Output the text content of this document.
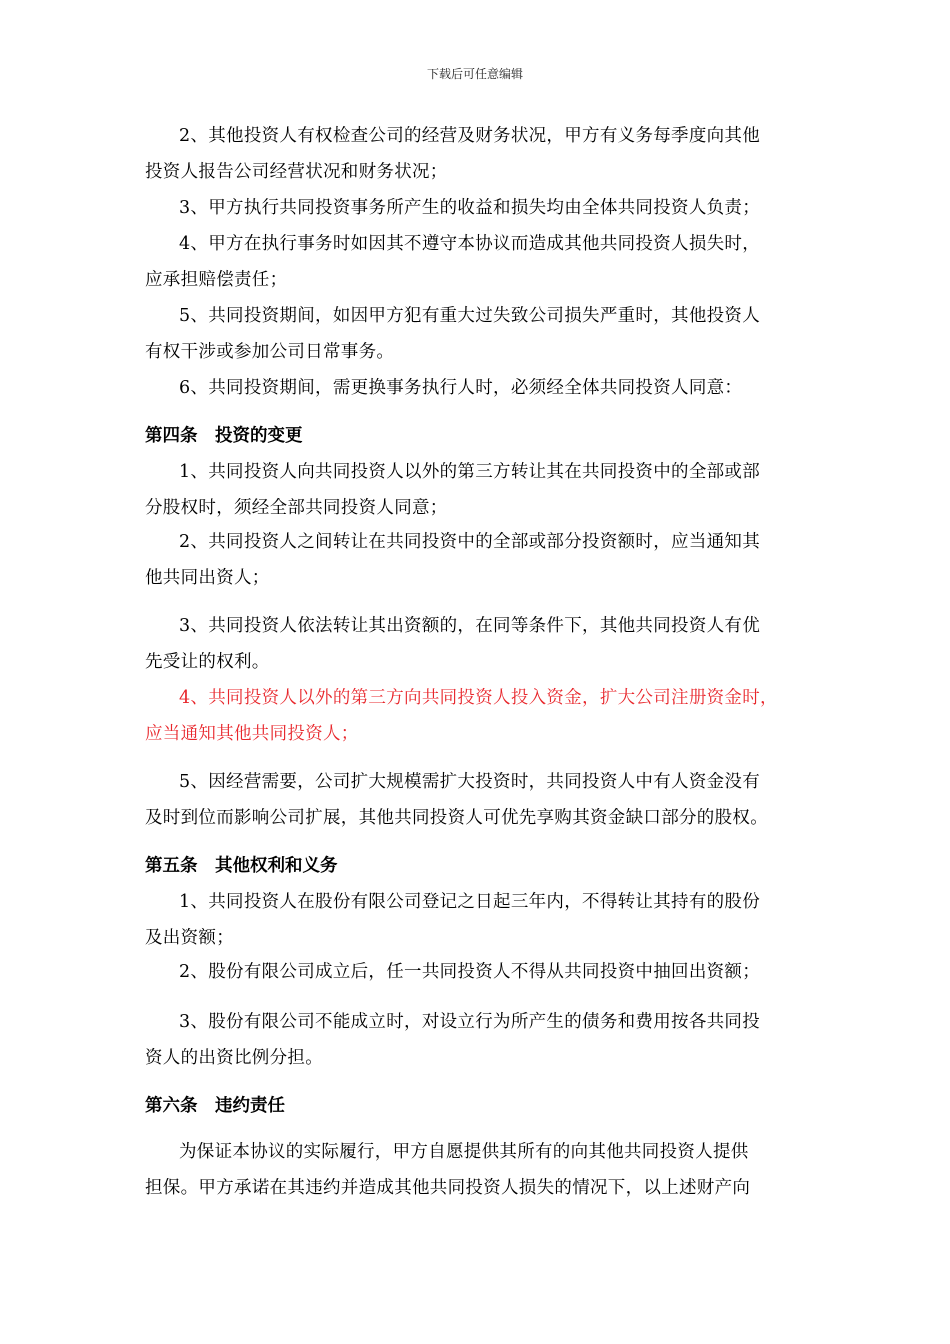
下载后可任意编辑
2、其他投资人有权检查公司的经营及财务状况，甲方有义务每季度向其他
投资人报告公司经营状况和财务状况；
3、甲方执行共同投资事务所产生的收益和损失均由全体共同投资人负责；
4、甲方在执行事务时如因其不遵守本协议而造成其他共同投资人损失时，
应承担赔偿责任；
5、共同投资期间，如因甲方犯有重大过失致公司损失严重时，其他投资人
有权干涉或参加公司日常事务。
6、共同投资期间，需更换事务执行人时，必须经全体共同投资人同意：
第四条　投资的变更
1、共同投资人向共同投资人以外的第三方转让其在共同投资中的全部或部
分股权时，须经全部共同投资人同意；
2、共同投资人之间转让在共同投资中的全部或部分投资额时，应当通知其
他共同出资人；
3、共同投资人依法转让其出资额的，在同等条件下，其他共同投资人有优
先受让的权利。
4、共同投资人以外的第三方向共同投资人投入资金，扩大公司注册资金时，
应当通知其他共同投资人；
5、因经营需要，公司扩大规模需扩大投资时，共同投资人中有人资金没有
及时到位而影响公司扩展，其他共同投资人可优先享购其资金缺口部分的股权。
第五条　其他权利和义务
1、共同投资人在股份有限公司登记之日起三年内，不得转让其持有的股份
及出资额；
2、股份有限公司成立后，任一共同投资人不得从共同投资中抽回出资额；
3、股份有限公司不能成立时，对设立行为所产生的债务和费用按各共同投
资人的出资比例分担。
第六条　违约责任
为保证本协议的实际履行，甲方自愿提供其所有的向其他共同投资人提供
担保。甲方承诺在其违约并造成其他共同投资人损失的情况下，以上述财产向
